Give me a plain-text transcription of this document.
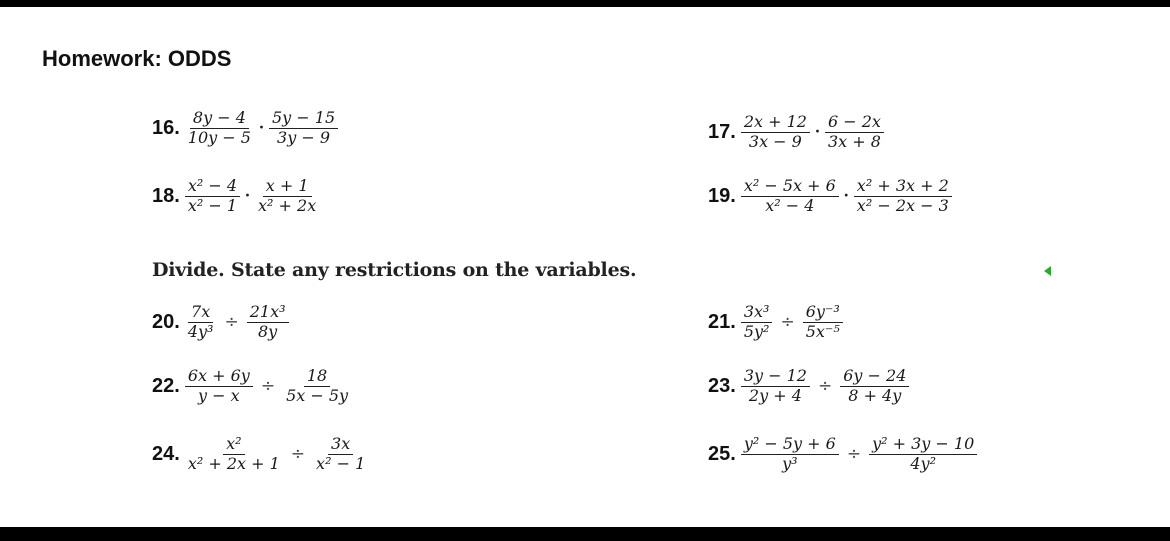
Homework: ODDS
16. $\frac{8y - 4}{10y - 5} \cdot \frac{5y - 15}{3y - 9}$	17. $\frac{2x + 12}{3x - 9} \cdot \frac{6 - 2x}{3x + 8}$
18. $\frac{\text{x² − 4}}{\text{x² − 1}} \cdot \frac{x + 1}{\text{x² + 2x}}$	19. $\frac{\text{x² − 5x + 6}}{\text{x² − 4}} \cdot \frac{\text{x² + 3x + 2}}{\text{x² − 2x − 3}}$
Divide. State any restrictions on the variables.
20. $\frac{7x}{\text{4y³}} \div \frac{\text{21x³}}{8y}$	21. $\frac{\text{3x³}}{\text{5y²}} \div \frac{\text{6y⁻³}}{\text{5x⁻⁵}}$
22. $\frac{6x + 6y}{y - x} \div \frac{18}{5x - 5y}$	23. $\frac{3y - 12}{2y + 4} \div \frac{6y - 24}{8 + 4y}$
24. $\frac{\text{x²}}{\text{x² + 2x + 1}} \div \frac{3x}{\text{x² − 1}}$	25. $\frac{\text{y² − 5y + 6}}{\text{y³}} \div \frac{\text{y² + 3y − 10}}{\text{4y²}}$
